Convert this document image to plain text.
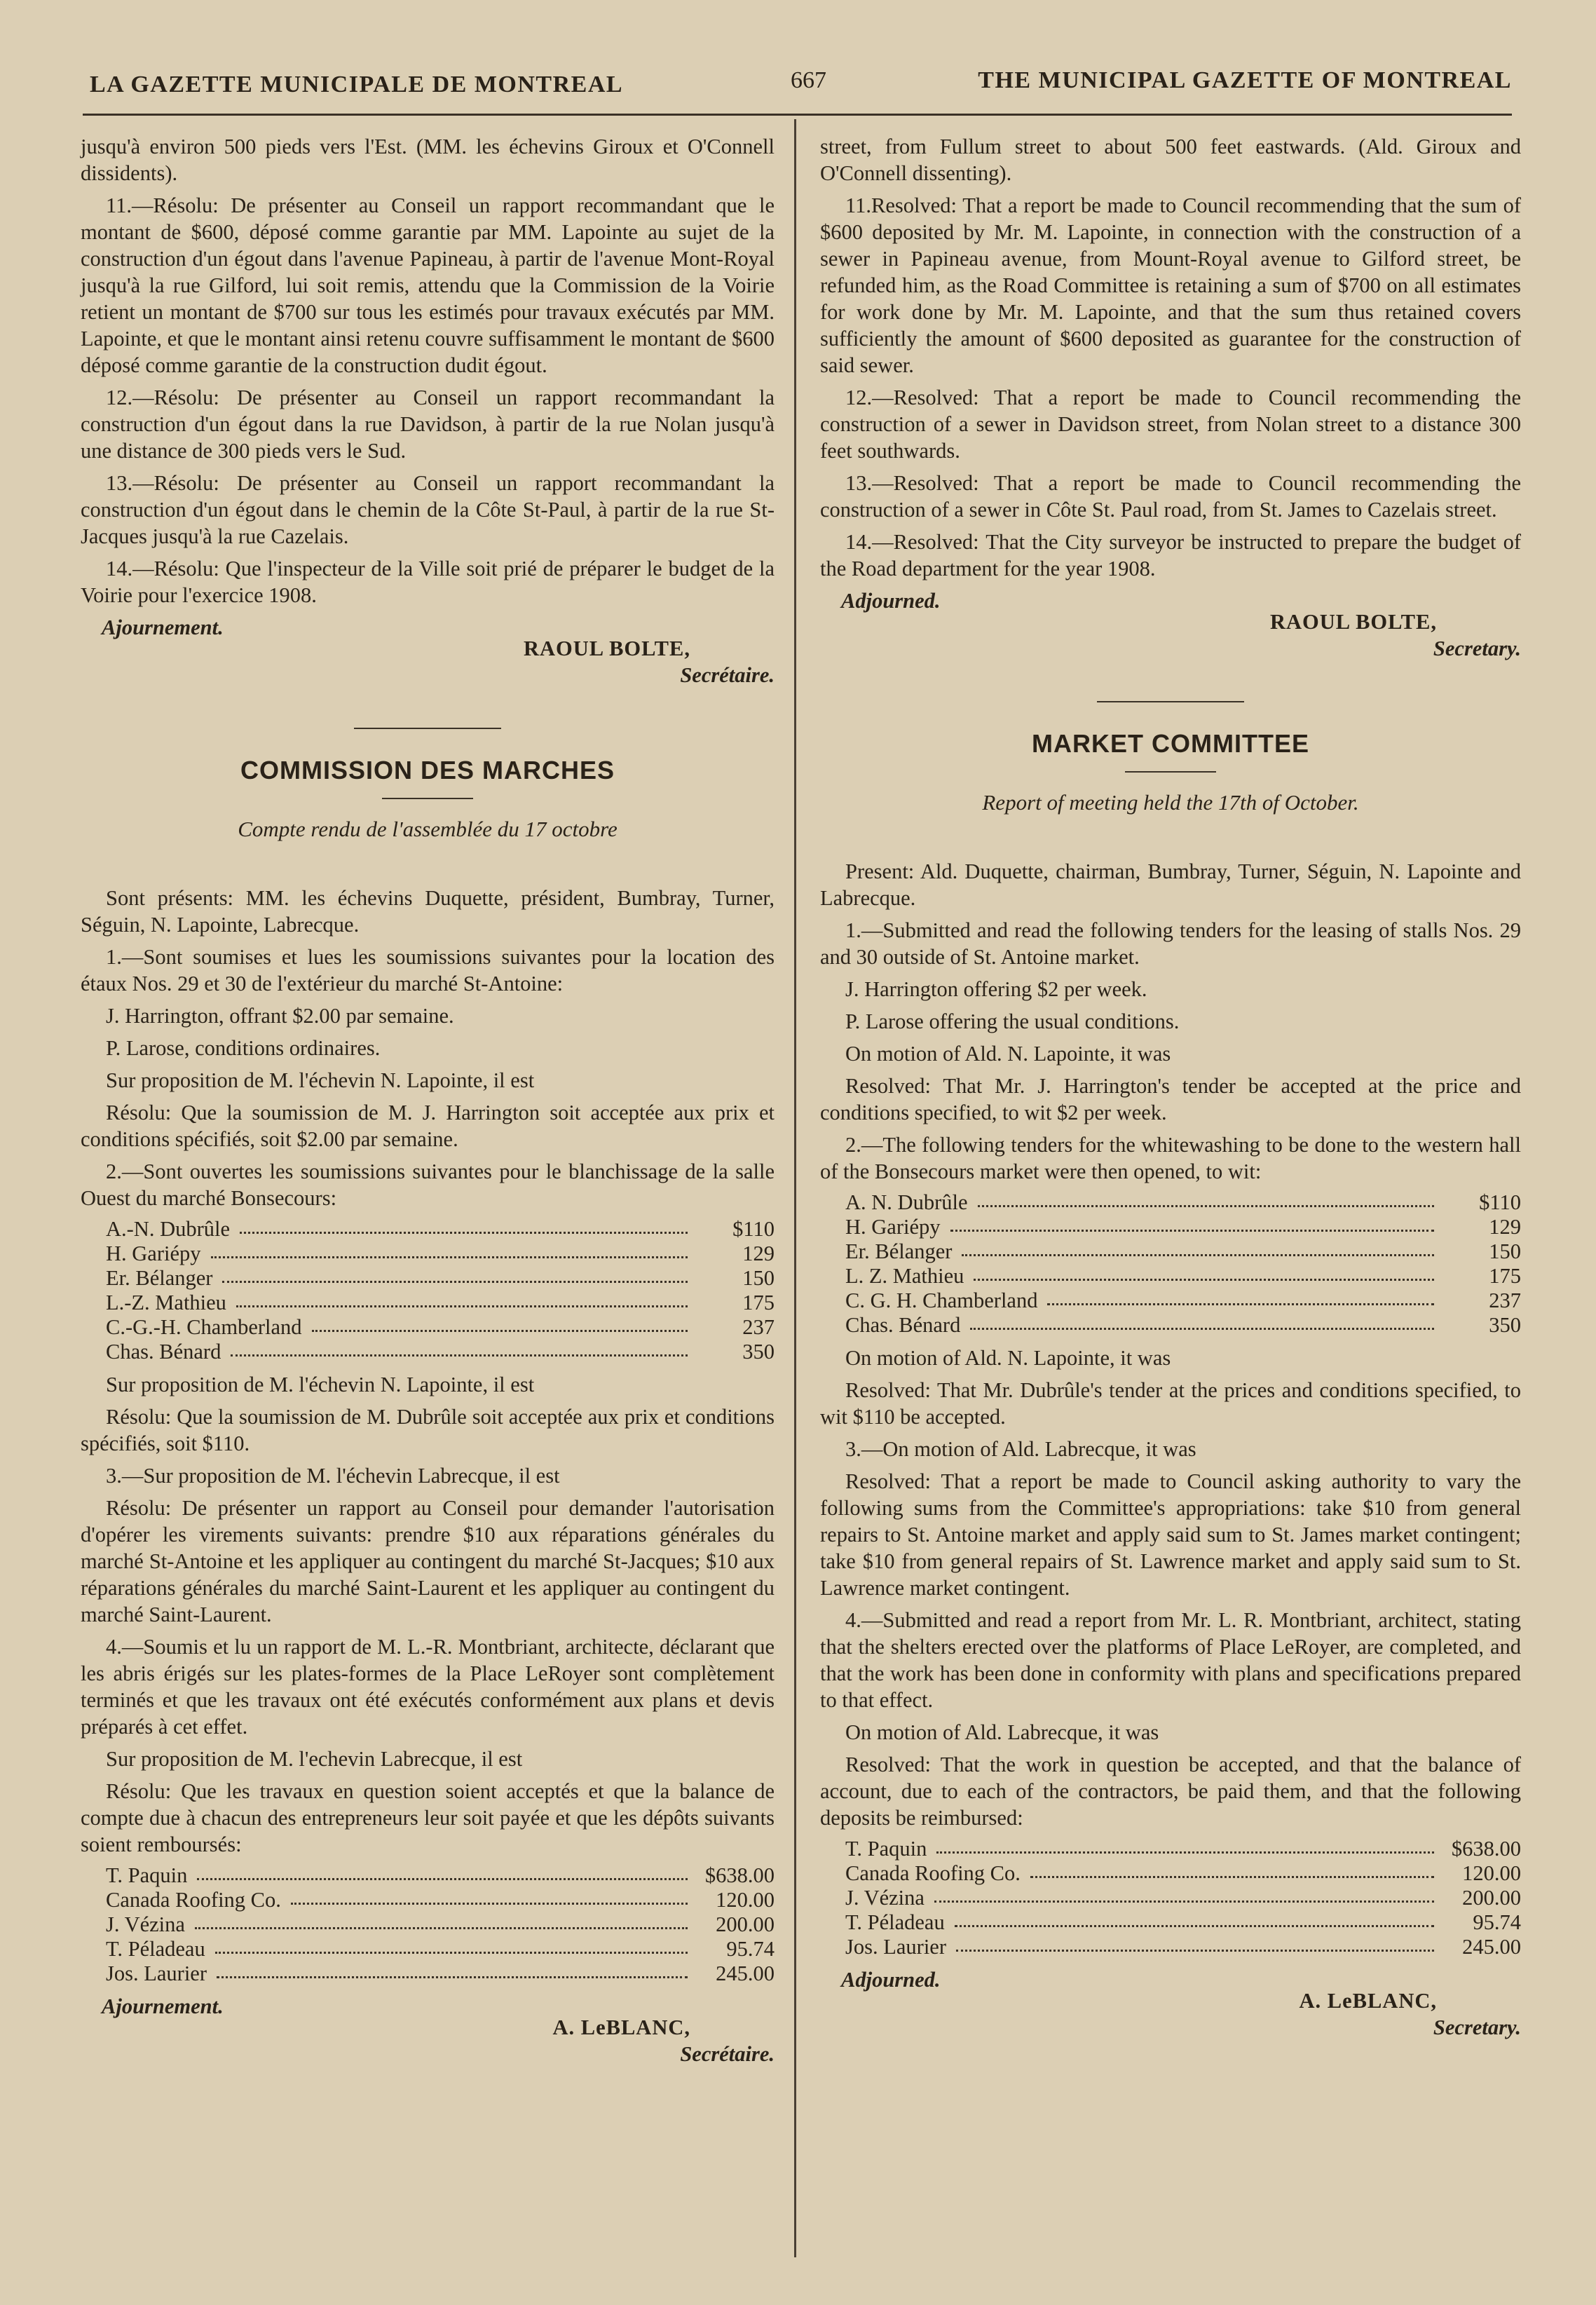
LA GAZETTE MUNICIPALE DE MONTREAL	667	THE MUNICIPAL GAZETTE OF MONTREAL

jusqu'à environ 500 pieds vers l'Est. (MM. les échevins Giroux et O'Connell dissidents).

11.—Résolu: De présenter au Conseil un rapport recommandant que le montant de $600, déposé comme garantie par MM. Lapointe au sujet de la construction d'un égout dans l'avenue Papineau, à partir de l'avenue Mont-Royal jusqu'à la rue Gilford, lui soit remis, attendu que la Commission de la Voirie retient un montant de $700 sur tous les estimés pour travaux exécutés par MM. Lapointe, et que le montant ainsi retenu couvre suffisamment le montant de $600 déposé comme garantie de la construction dudit égout.

12.—Résolu: De présenter au Conseil un rapport recommandant la construction d'un égout dans la rue Davidson, à partir de la rue Nolan jusqu'à une distance de 300 pieds vers le Sud.

13.—Résolu: De présenter au Conseil un rapport recommandant la construction d'un égout dans le chemin de la Côte St-Paul, à partir de la rue St-Jacques jusqu'à la rue Cazelais.

14.—Résolu: Que l'inspecteur de la Ville soit prié de préparer le budget de la Voirie pour l'exercice 1908.

Ajournement.
RAOUL BOLTE,
Secrétaire.
COMMISSION DES MARCHES
Compte rendu de l'assemblée du 17 octobre

Sont présents: MM. les échevins Duquette, président, Bumbray, Turner, Séguin, N. Lapointe, Labrecque.

1.—Sont soumises et lues les soumissions suivantes pour la location des étaux Nos. 29 et 30 de l'extérieur du marché St-Antoine:

J. Harrington, offrant $2.00 par semaine.

P. Larose, conditions ordinaires.

Sur proposition de M. l'échevin N. Lapointe, il est

Résolu: Que la soumission de M. J. Harrington soit acceptée aux prix et conditions spécifiés, soit $2.00 par semaine.

2.—Sont ouvertes les soumissions suivantes pour le blanchissage de la salle Ouest du marché Bonsecours:

A.-N. Dubrûle	$110
H. Gariépy	129
Er. Bélanger	150
L.-Z. Mathieu	175
C.-G.-H. Chamberland	237
Chas. Bénard	350

Sur proposition de M. l'échevin N. Lapointe, il est

Résolu: Que la soumission de M. Dubrûle soit acceptée aux prix et conditions spécifiés, soit $110.

3.—Sur proposition de M. l'échevin Labrecque, il est

Résolu: De présenter un rapport au Conseil pour demander l'autorisation d'opérer les virements suivants: prendre $10 aux réparations générales du marché St-Antoine et les appliquer au contingent du marché St-Jacques; $10 aux réparations générales du marché Saint-Laurent et les appliquer au contingent du marché Saint-Laurent.

4.—Soumis et lu un rapport de M. L.-R. Montbriant, architecte, déclarant que les abris érigés sur les plates-formes de la Place LeRoyer sont complètement terminés et que les travaux ont été exécutés conformément aux plans et devis préparés à cet effet.

Sur proposition de M. l'echevin Labrecque, il est

Résolu: Que les travaux en question soient acceptés et que la balance de compte due à chacun des entrepreneurs leur soit payée et que les dépôts suivants soient remboursés:

T. Paquin	$638.00
Canada Roofing Co.	120.00
J. Vézina	200.00
T. Péladeau	95.74
Jos. Laurier	245.00
Ajournement.
A. LeBLANC,
Secrétaire.

street, from Fullum street to about 500 feet eastwards. (Ald. Giroux and O'Connell dissenting).

11.Resolved: That a report be made to Council recommending that the sum of $600 deposited by Mr. M. Lapointe, in connection with the construction of a sewer in Papineau avenue, from Mount-Royal avenue to Gilford street, be refunded him, as the Road Committee is retaining a sum of $700 on all estimates for work done by Mr. M. Lapointe, and that the sum thus retained covers sufficiently the amount of $600 deposited as guarantee for the construction of said sewer.

12.—Resolved: That a report be made to Council recommending the construction of a sewer in Davidson street, from Nolan street to a distance 300 feet southwards.

13.—Resolved: That a report be made to Council recommending the construction of a sewer in Côte St. Paul road, from St. James to Cazelais street.

14.—Resolved: That the City surveyor be instructed to prepare the budget of the Road department for the year 1908.

Adjourned.
RAOUL BOLTE,
Secretary.
MARKET COMMITTEE
Report of meeting held the 17th of October.

Present: Ald. Duquette, chairman, Bumbray, Turner, Séguin, N. Lapointe and Labrecque.

1.—Submitted and read the following tenders for the leasing of stalls Nos. 29 and 30 outside of St. Antoine market.

J. Harrington offering $2 per week.

P. Larose offering the usual conditions.

On motion of Ald. N. Lapointe, it was

Resolved: That Mr. J. Harrington's tender be accepted at the price and conditions specified, to wit $2 per week.

2.—The following tenders for the whitewashing to be done to the western hall of the Bonsecours market were then opened, to wit:

A. N. Dubrûle	$110
H. Gariépy	129
Er. Bélanger	150
L. Z. Mathieu	175
C. G. H. Chamberland	237
Chas. Bénard	350

On motion of Ald. N. Lapointe, it was

Resolved: That Mr. Dubrûle's tender at the prices and conditions specified, to wit $110 be accepted.

3.—On motion of Ald. Labrecque, it was

Resolved: That a report be made to Council asking authority to vary the following sums from the Committee's appropriations: take $10 from general repairs to St. Antoine market and apply said sum to St. James market contingent; take $10 from general repairs of St. Lawrence market and apply said sum to St. Lawrence market contingent.

4.—Submitted and read a report from Mr. L. R. Montbriant, architect, stating that the shelters erected over the platforms of Place LeRoyer, are completed, and that the work has been done in conformity with plans and specifications prepared to that effect.

On motion of Ald. Labrecque, it was

Resolved: That the work in question be accepted, and that the balance of account, due to each of the contractors, be paid them, and that the following deposits be reimbursed:

T. Paquin	$638.00
Canada Roofing Co.	120.00
J. Vézina	200.00
T. Péladeau	95.74
Jos. Laurier	245.00
Adjourned.
A. LeBLANC,
Secretary.
